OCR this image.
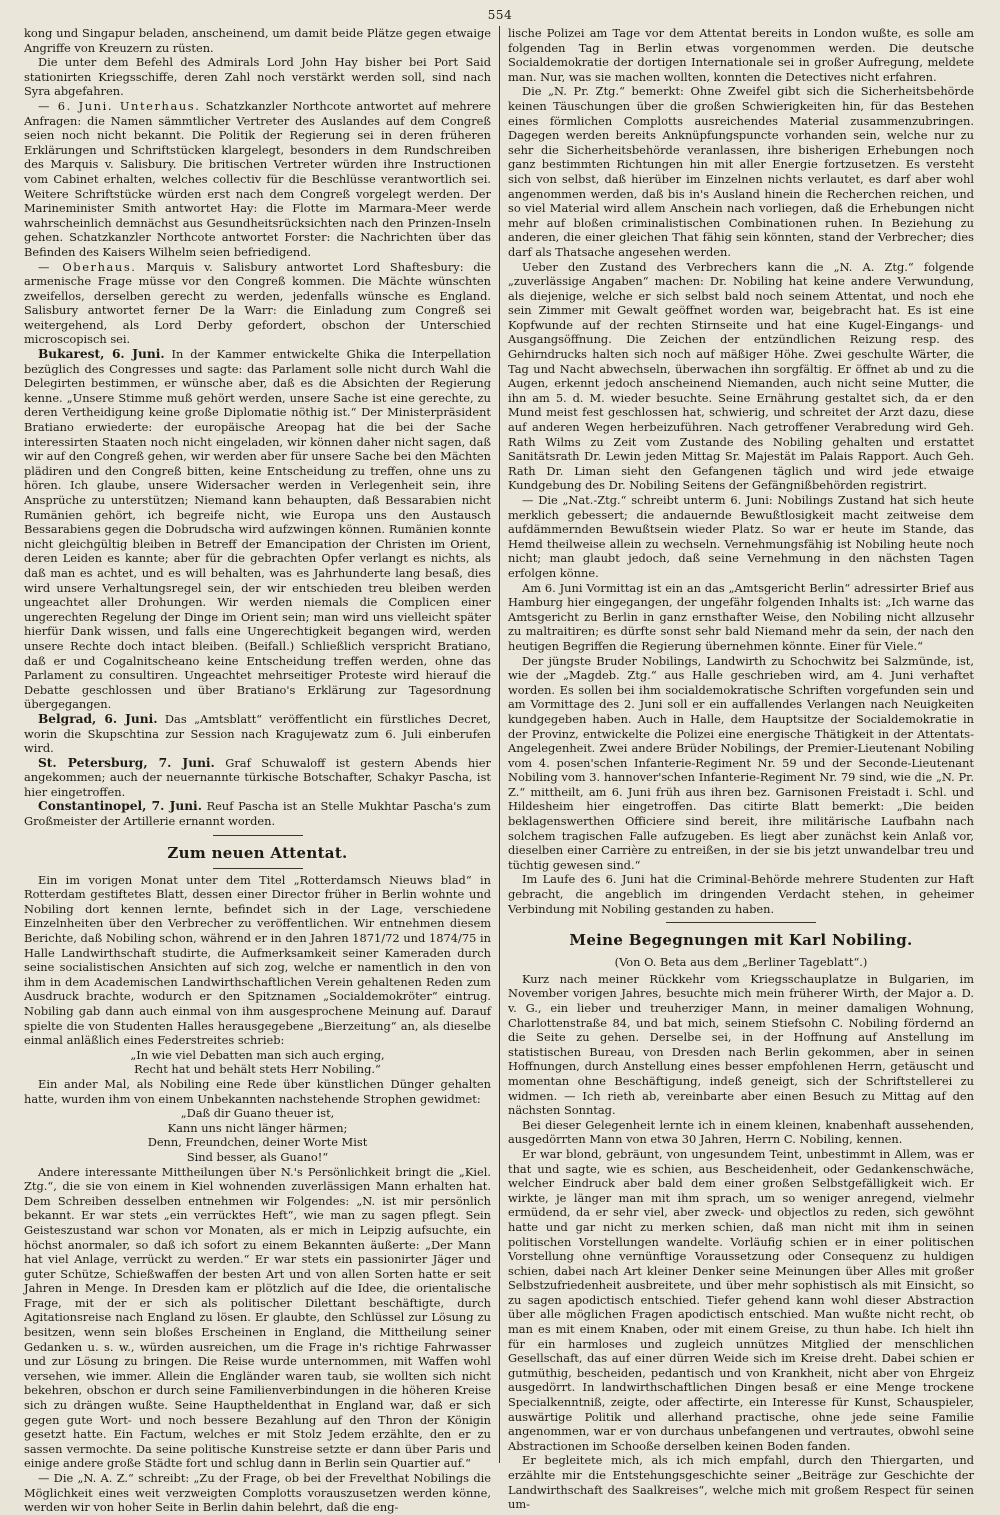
554

kong und Singapur beladen, anscheinend, um damit beide Plätze gegen etwaige Angriffe von Kreuzern zu rüsten.

Die unter dem Befehl des Admirals Lord John Hay bisher bei Port Said stationirten Kriegsschiffe, deren Zahl noch verstärkt werden soll, sind nach Syra abgefahren.

— 6. Juni. Unterhaus. Schatzkanzler Northcote antwortet auf mehrere Anfragen: die Namen sämmtlicher Vertreter des Auslandes auf dem Congreß seien noch nicht bekannt. Die Politik der Regierung sei in deren früheren Erklärungen und Schriftstücken klargelegt, besonders in dem Rundschreiben des Marquis v. Salisbury. Die britischen Vertreter würden ihre Instructionen vom Cabinet erhalten, welches collectiv für die Beschlüsse verantwortlich sei. Weitere Schriftstücke würden erst nach dem Congreß vorgelegt werden. Der Marineminister Smith antwortet Hay: die Flotte im Marmara-Meer werde wahrscheinlich demnächst aus Gesundheitsrücksichten nach den Prinzen-Inseln gehen. Schatzkanzler Northcote antwortet Forster: die Nachrichten über das Befinden des Kaisers Wilhelm seien befriedigend.

— Oberhaus. Marquis v. Salisbury antwortet Lord Shaftesbury: die armenische Frage müsse vor den Congreß kommen. Die Mächte wünschten zweifellos, derselben gerecht zu werden, jedenfalls wünsche es England. Salisbury antwortet ferner De la Warr: die Einladung zum Congreß sei weitergehend, als Lord Derby gefordert, obschon der Unterschied microscopisch sei.

Bukarest, 6. Juni. In der Kammer entwickelte Ghika die Interpellation bezüglich des Congresses und sagte: das Parlament solle nicht durch Wahl die Delegirten bestimmen, er wünsche aber, daß es die Absichten der Regierung kenne. „Unsere Stimme muß gehört werden, unsere Sache ist eine gerechte, zu deren Vertheidigung keine große Diplomatie nöthig ist.“ Der Ministerpräsident Bratiano erwiederte: der europäische Areopag hat die bei der Sache interessirten Staaten noch nicht eingeladen, wir können daher nicht sagen, daß wir auf den Congreß gehen, wir werden aber für unsere Sache bei den Mächten plädiren und den Congreß bitten, keine Entscheidung zu treffen, ohne uns zu hören. Ich glaube, unsere Widersacher werden in Verlegenheit sein, ihre Ansprüche zu unterstützen; Niemand kann behaupten, daß Bessarabien nicht Rumänien gehört, ich begreife nicht, wie Europa uns den Austausch Bessarabiens gegen die Dobrudscha wird aufzwingen können. Rumänien konnte nicht gleichgültig bleiben in Betreff der Emancipation der Christen im Orient, deren Leiden es kannte; aber für die gebrachten Opfer verlangt es nichts, als daß man es achtet, und es will behalten, was es Jahrhunderte lang besaß, dies wird unsere Verhaltungsregel sein, der wir entschieden treu bleiben werden ungeachtet aller Drohungen. Wir werden niemals die Complicen einer ungerechten Regelung der Dinge im Orient sein; man wird uns vielleicht später hierfür Dank wissen, und falls eine Ungerechtigkeit begangen wird, werden unsere Rechte doch intact bleiben. (Beifall.) Schließlich verspricht Bratiano, daß er und Cogalnitscheano keine Entscheidung treffen werden, ohne das Parlament zu consultiren. Ungeachtet mehrseitiger Proteste wird hierauf die Debatte geschlossen und über Bratiano's Erklärung zur Tagesordnung übergegangen.

Belgrad, 6. Juni. Das „Amtsblatt“ veröffentlicht ein fürstliches Decret, worin die Skupschtina zur Session nach Kragujewatz zum 6. Juli einberufen wird.

St. Petersburg, 7. Juni. Graf Schuwaloff ist gestern Abends hier angekommen; auch der neuernannte türkische Botschafter, Schakyr Pascha, ist hier eingetroffen.

Constantinopel, 7. Juni. Reuf Pascha ist an Stelle Mukhtar Pascha's zum Großmeister der Artillerie ernannt worden.

Zum neuen Attentat.

Ein im vorigen Monat unter dem Titel „Rotterdamsch Nieuws blad“ in Rotterdam gestiftetes Blatt, dessen einer Director früher in Berlin wohnte und Nobiling dort kennen lernte, befindet sich in der Lage, verschiedene Einzelnheiten über den Verbrecher zu veröffentlichen. Wir entnehmen diesem Berichte, daß Nobiling schon, während er in den Jahren 1871/72 und 1874/75 in Halle Landwirthschaft studirte, die Aufmerksamkeit seiner Kameraden durch seine socialistischen Ansichten auf sich zog, welche er namentlich in den von ihm in dem Academischen Landwirthschaftlichen Verein gehaltenen Reden zum Ausdruck brachte, wodurch er den Spitznamen „Socialdemokröter“ eintrug. Nobiling gab dann auch einmal von ihm ausgesprochene Meinung auf. Darauf spielte die von Studenten Halles herausgegebene „Bierzeitung“ an, als dieselbe einmal anläßlich eines Federstreites schrieb:

„In wie viel Debatten man sich auch erging,
Recht hat und behält stets Herr Nobiling.“

Ein ander Mal, als Nobiling eine Rede über künstlichen Dünger gehalten hatte, wurden ihm von einem Unbekannten nachstehende Strophen gewidmet:

„Daß dir Guano theuer ist,
Kann uns nicht länger härmen;
Denn, Freundchen, deiner Worte Mist
Sind besser, als Guano!“

Andere interessante Mittheilungen über N.'s Persönlichkeit bringt die „Kiel. Ztg.“, die sie von einem in Kiel wohnenden zuverlässigen Mann erhalten hat. Dem Schreiben desselben entnehmen wir Folgendes: „N. ist mir persönlich bekannt. Er war stets „ein verrücktes Heft“, wie man zu sagen pflegt. Sein Geisteszustand war schon vor Monaten, als er mich in Leipzig aufsuchte, ein höchst anormaler, so daß ich sofort zu einem Bekannten äußerte: „Der Mann hat viel Anlage, verrückt zu werden.“ Er war stets ein passionirter Jäger und guter Schütze, Schießwaffen der besten Art und von allen Sorten hatte er seit Jahren in Menge. In Dresden kam er plötzlich auf die Idee, die orientalische Frage, mit der er sich als politischer Dilettant beschäftigte, durch Agitationsreise nach England zu lösen. Er glaubte, den Schlüssel zur Lösung zu besitzen, wenn sein bloßes Erscheinen in England, die Mittheilung seiner Gedanken u. s. w., würden ausreichen, um die Frage in's richtige Fahrwasser und zur Lösung zu bringen. Die Reise wurde unternommen, mit Waffen wohl versehen, wie immer. Allein die Engländer waren taub, sie wollten sich nicht bekehren, obschon er durch seine Familienverbindungen in die höheren Kreise sich zu drängen wußte. Seine Hauptheldenthat in England war, daß er sich gegen gute Wort- und noch bessere Bezahlung auf den Thron der Königin gesetzt hatte. Ein Factum, welches er mit Stolz Jedem erzählte, den er zu sassen vermochte. Da seine politische Kunstreise setzte er dann über Paris und einige andere große Städte fort und schlug dann in Berlin sein Quartier auf.“

— Die „N. A. Z.“ schreibt: „Zu der Frage, ob bei der Frevelthat Nobilings die Möglichkeit eines weit verzweigten Complotts vorauszusetzen werden könne, werden wir von hoher Seite in Berlin dahin belehrt, daß die eng-

lische Polizei am Tage vor dem Attentat bereits in London wußte, es solle am folgenden Tag in Berlin etwas vorgenommen werden. Die deutsche Socialdemokratie der dortigen Internationale sei in großer Aufregung, meldete man. Nur, was sie machen wollten, konnten die Detectives nicht erfahren.

Die „N. Pr. Ztg.“ bemerkt: Ohne Zweifel gibt sich die Sicherheitsbehörde keinen Täuschungen über die großen Schwierigkeiten hin, für das Bestehen eines förmlichen Complotts ausreichendes Material zusammenzubringen. Dagegen werden bereits Anknüpfungspuncte vorhanden sein, welche nur zu sehr die Sicherheitsbehörde veranlassen, ihre bisherigen Erhebungen noch ganz bestimmten Richtungen hin mit aller Energie fortzusetzen. Es versteht sich von selbst, daß hierüber im Einzelnen nichts verlautet, es darf aber wohl angenommen werden, daß bis in's Ausland hinein die Recherchen reichen, und so viel Material wird allem Anschein nach vorliegen, daß die Erhebungen nicht mehr auf bloßen criminalistischen Combinationen ruhen. In Beziehung zu anderen, die einer gleichen That fähig sein könnten, stand der Verbrecher; dies darf als Thatsache angesehen werden.

Ueber den Zustand des Verbrechers kann die „N. A. Ztg.“ folgende „zuverlässige Angaben“ machen: Dr. Nobiling hat keine andere Verwundung, als diejenige, welche er sich selbst bald noch seinem Attentat, und noch ehe sein Zimmer mit Gewalt geöffnet worden war, beigebracht hat. Es ist eine Kopfwunde auf der rechten Stirnseite und hat eine Kugel-Eingangs- und Ausgangsöffnung. Die Zeichen der entzündlichen Reizung resp. des Gehirndrucks halten sich noch auf mäßiger Höhe. Zwei geschulte Wärter, die Tag und Nacht abwechseln, überwachen ihn sorgfältig. Er öffnet ab und zu die Augen, erkennt jedoch anscheinend Niemanden, auch nicht seine Mutter, die ihn am 5. d. M. wieder besuchte. Seine Ernährung gestaltet sich, da er den Mund meist fest geschlossen hat, schwierig, und schreitet der Arzt dazu, diese auf anderen Wegen herbeizuführen. Nach getroffener Verabredung wird Geh. Rath Wilms zu Zeit vom Zustande des Nobiling gehalten und erstattet Sanitätsrath Dr. Lewin jeden Mittag Sr. Majestät im Palais Rapport. Auch Geh. Rath Dr. Liman sieht den Gefangenen täglich und wird jede etwaige Kundgebung des Dr. Nobiling Seitens der Gefängnißbehörden registrirt.

— Die „Nat.-Ztg.“ schreibt unterm 6. Juni: Nobilings Zustand hat sich heute merklich gebessert; die andauernde Bewußtlosigkeit macht zeitweise dem aufdämmernden Bewußtsein wieder Platz. So war er heute im Stande, das Hemd theilweise allein zu wechseln. Vernehmungsfähig ist Nobiling heute noch nicht; man glaubt jedoch, daß seine Vernehmung in den nächsten Tagen erfolgen könne.

Am 6. Juni Vormittag ist ein an das „Amtsgericht Berlin“ adressirter Brief aus Hamburg hier eingegangen, der ungefähr folgenden Inhalts ist: „Ich warne das Amtsgericht zu Berlin in ganz ernsthafter Weise, den Nobiling nicht allzusehr zu maltraitiren; es dürfte sonst sehr bald Niemand mehr da sein, der nach den heutigen Begriffen die Regierung übernehmen könnte. Einer für Viele.“

Der jüngste Bruder Nobilings, Landwirth zu Schochwitz bei Salzmünde, ist, wie der „Magdeb. Ztg.“ aus Halle geschrieben wird, am 4. Juni verhaftet worden. Es sollen bei ihm socialdemokratische Schriften vorgefunden sein und am Vormittage des 2. Juni soll er ein auffallendes Verlangen nach Neuigkeiten kundgegeben haben. Auch in Halle, dem Hauptsitze der Socialdemokratie in der Provinz, entwickelte die Polizei eine energische Thätigkeit in der Attentats-Angelegenheit. Zwei andere Brüder Nobilings, der Premier-Lieutenant Nobiling vom 4. posen'schen Infanterie-Regiment Nr. 59 und der Seconde-Lieutenant Nobiling vom 3. hannover'schen Infanterie-Regiment Nr. 79 sind, wie die „N. Pr. Z.“ mittheilt, am 6. Juni früh aus ihren bez. Garnisonen Freistadt i. Schl. und Hildesheim hier eingetroffen. Das citirte Blatt bemerkt: „Die beiden beklagenswerthen Officiere sind bereit, ihre militärische Laufbahn nach solchem tragischen Falle aufzugeben. Es liegt aber zunächst kein Anlaß vor, dieselben einer Carrière zu entreißen, in der sie bis jetzt unwandelbar treu und tüchtig gewesen sind.“

Im Laufe des 6. Juni hat die Criminal-Behörde mehrere Studenten zur Haft gebracht, die angeblich im dringenden Verdacht stehen, in geheimer Verbindung mit Nobiling gestanden zu haben.

Meine Begegnungen mit Karl Nobiling.
(Von O. Beta aus dem „Berliner Tageblatt“.)

Kurz nach meiner Rückkehr vom Kriegsschauplatze in Bulgarien, im November vorigen Jahres, besuchte mich mein früherer Wirth, der Major a. D. v. G., ein lieber und treuherziger Mann, in meiner damaligen Wohnung, Charlottenstraße 84, und bat mich, seinem Stiefsohn C. Nobiling fördernd an die Seite zu gehen. Derselbe sei, in der Hoffnung auf Anstellung im statistischen Bureau, von Dresden nach Berlin gekommen, aber in seinen Hoffnungen, durch Anstellung eines besser empfohlenen Herrn, getäuscht und momentan ohne Beschäftigung, indeß geneigt, sich der Schriftstellerei zu widmen. — Ich rieth ab, vereinbarte aber einen Besuch zu Mittag auf den nächsten Sonntag.

Bei dieser Gelegenheit lernte ich in einem kleinen, knabenhaft aussehenden, ausgedörrten Mann von etwa 30 Jahren, Herrn C. Nobiling, kennen.

Er war blond, gebräunt, von ungesundem Teint, unbestimmt in Allem, was er that und sagte, wie es schien, aus Bescheidenheit, oder Gedankenschwäche, welcher Eindruck aber bald dem einer großen Selbstgefälligkeit wich. Er wirkte, je länger man mit ihm sprach, um so weniger anregend, vielmehr ermüdend, da er sehr viel, aber zweck- und objectlos zu reden, sich gewöhnt hatte und gar nicht zu merken schien, daß man nicht mit ihm in seinen politischen Vorstellungen wandelte. Vorläufig schien er in einer politischen Vorstellung ohne vernünftige Voraussetzung oder Consequenz zu huldigen schien, dabei nach Art kleiner Denker seine Meinungen über Alles mit großer Selbstzufriedenheit ausbreitete, und über mehr sophistisch als mit Einsicht, so zu sagen apodictisch entschied. Tiefer gehend kann wohl dieser Abstraction über alle möglichen Fragen apodictisch entschied. Man wußte nicht recht, ob man es mit einem Knaben, oder mit einem Greise, zu thun habe. Ich hielt ihn für ein harmloses und zugleich unnützes Mitglied der menschlichen Gesellschaft, das auf einer dürren Weide sich im Kreise dreht. Dabei schien er gutmüthig, bescheiden, pedantisch und von Krankheit, nicht aber von Ehrgeiz ausgedörrt. In landwirthschaftlichen Dingen besaß er eine Menge trockene Specialkenntniß, zeigte, oder affectirte, ein Interesse für Kunst, Schauspieler, auswärtige Politik und allerhand practische, ohne jede seine Familie angenommen, war er von durchaus unbefangenen und vertrautes, obwohl seine Abstractionen im Schooße derselben keinen Boden fanden.

Er begleitete mich, als ich mich empfahl, durch den Thiergarten, und erzählte mir die Entstehungsgeschichte seiner „Beiträge zur Geschichte der Landwirthschaft des Saalkreises“, welche mich mit großem Respect für seinen um-
